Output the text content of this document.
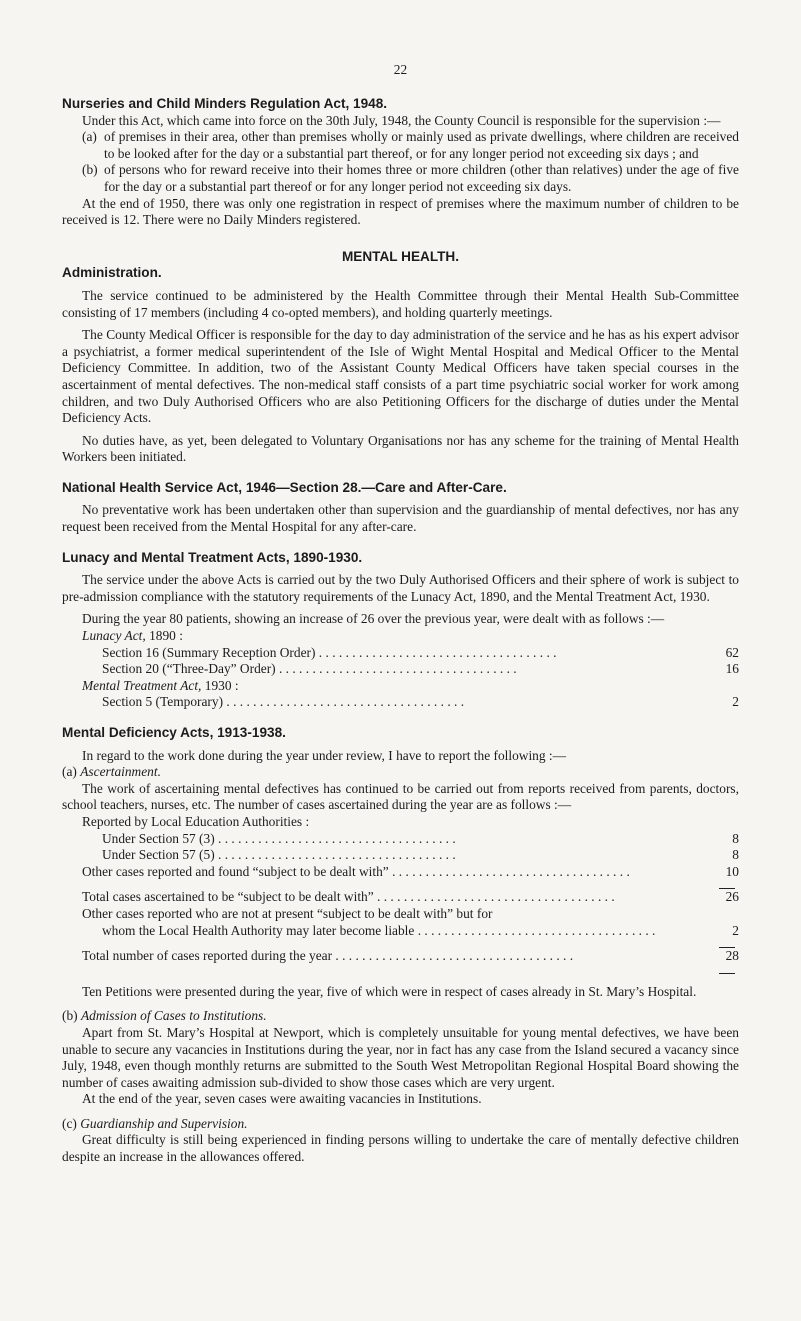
22

Nurseries and Child Minders Regulation Act, 1948.

Under this Act, which came into force on the 30th July, 1948, the County Council is responsible for the supervision :—

(a) of premises in their area, other than premises wholly or mainly used as private dwellings, where children are received to be looked after for the day or a substantial part thereof, or for any longer period not exceeding six days ; and
(b) of persons who for reward receive into their homes three or more children (other than relatives) under the age of five for the day or a substantial part thereof or for any longer period not exceeding six days.

At the end of 1950, there was only one registration in respect of premises where the maximum number of children to be received is 12. There were no Daily Minders registered.

MENTAL HEALTH.

Administration.

The service continued to be administered by the Health Committee through their Mental Health Sub-Committee consisting of 17 members (including 4 co-opted members), and holding quarterly meetings.

The County Medical Officer is responsible for the day to day administration of the service and he has as his expert advisor a psychiatrist, a former medical superintendent of the Isle of Wight Mental Hospital and Medical Officer to the Mental Deficiency Committee. In addition, two of the Assistant County Medical Officers have taken special courses in the ascertainment of mental defectives. The non-medical staff consists of a part time psychiatric social worker for work among children, and two Duly Authorised Officers who are also Petitioning Officers for the discharge of duties under the Mental Deficiency Acts.

No duties have, as yet, been delegated to Voluntary Organisations nor has any scheme for the training of Mental Health Workers been initiated.

National Health Service Act, 1946—Section 28.—Care and After-Care.

No preventative work has been undertaken other than supervision and the guardianship of mental defectives, nor has any request been received from the Mental Hospital for any after-care.

Lunacy and Mental Treatment Acts, 1890-1930.

The service under the above Acts is carried out by the two Duly Authorised Officers and their sphere of work is subject to pre-admission compliance with the statutory requirements of the Lunacy Act, 1890, and the Mental Treatment Act, 1930.

During the year 80 patients, showing an increase of 26 over the previous year, were dealt with as follows :—

Lunacy Act, 1890 :

Section 16 (Summary Reception Order) . . .	62
Section 20 (“Three-Day” Order) . . .	16

Mental Treatment Act, 1930 :

Section 5 (Temporary) . . .	2

Mental Deficiency Acts, 1913-1938.

In regard to the work done during the year under review, I have to report the following :—

(a) Ascertainment.

The work of ascertaining mental defectives has continued to be carried out from reports received from parents, doctors, school teachers, nurses, etc. The number of cases ascertained during the year are as follows :—

Reported by Local Education Authorities :

Under Section 57 (3) . . .	8
Under Section 57 (5) . . .	8
Other cases reported and found “subject to be dealt with” . . .	10
Total cases ascertained to be “subject to be dealt with” . . .	26
Other cases reported who are not at present “subject to be dealt with” but for
whom the Local Health Authority may later become liable . . .	2
Total number of cases reported during the year . . .	28

Ten Petitions were presented during the year, five of which were in respect of cases already in St. Mary’s Hospital.

(b) Admission of Cases to Institutions.

Apart from St. Mary’s Hospital at Newport, which is completely unsuitable for young mental defectives, we have been unable to secure any vacancies in Institutions during the year, nor in fact has any case from the Island secured a vacancy since July, 1948, even though monthly returns are submitted to the South West Metropolitan Regional Hospital Board showing the number of cases awaiting admission sub-divided to show those cases which are very urgent.

At the end of the year, seven cases were awaiting vacancies in Institutions.

(c) Guardianship and Supervision.

Great difficulty is still being experienced in finding persons willing to undertake the care of mentally defective children despite an increase in the allowances offered.
